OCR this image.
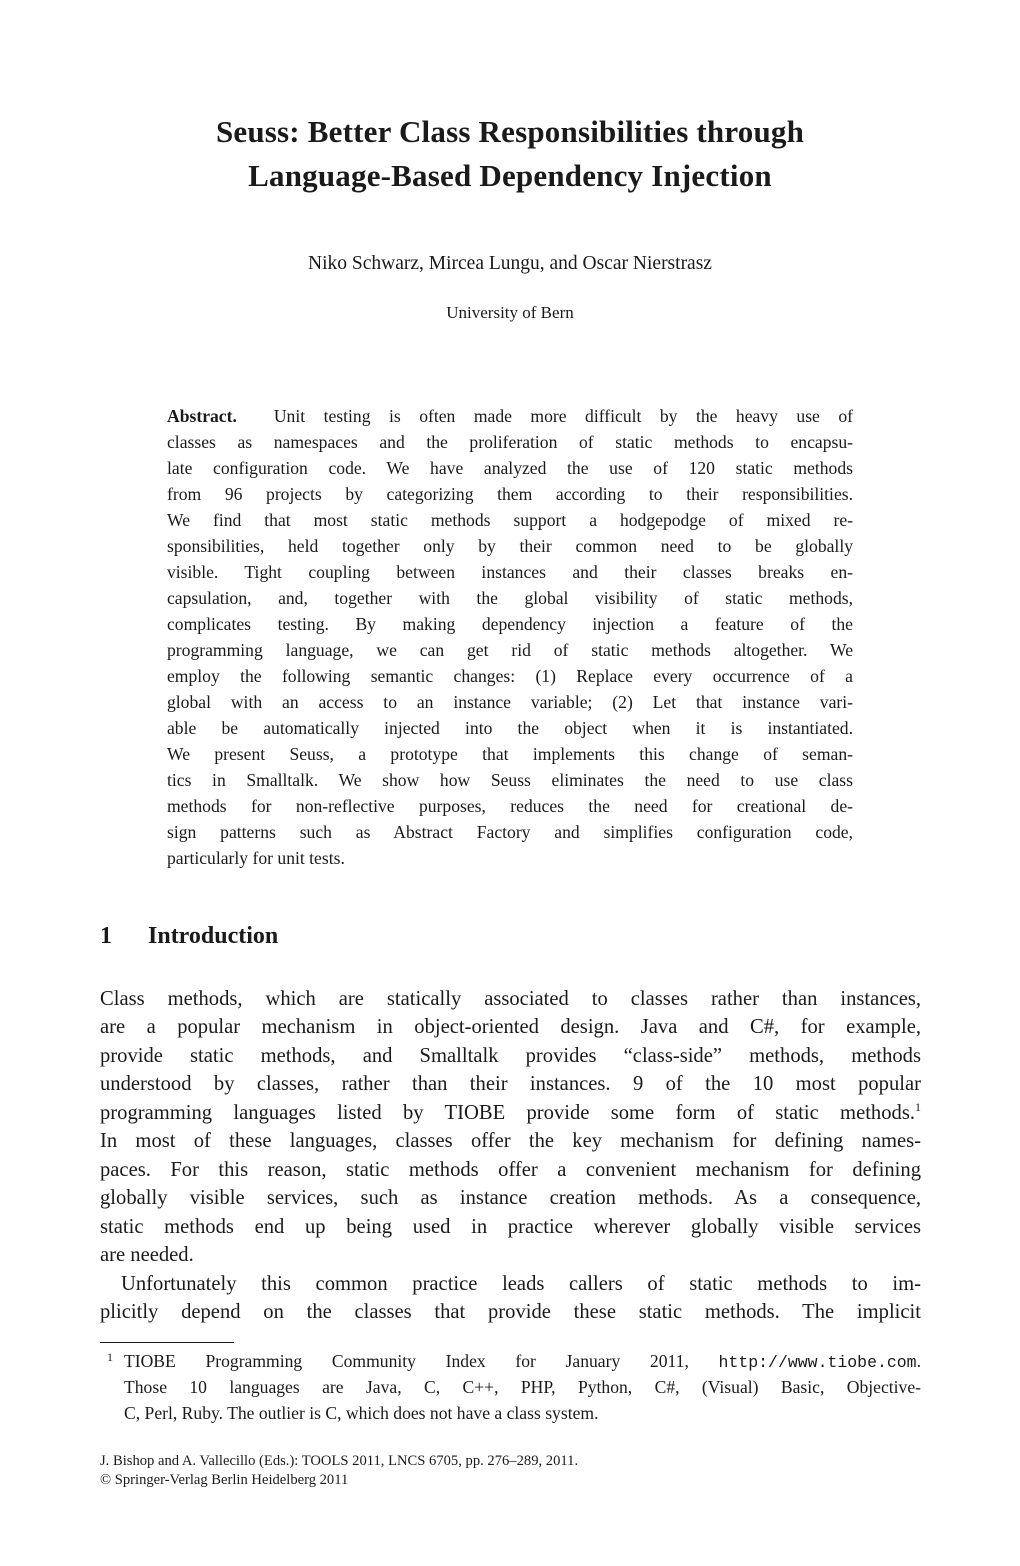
Seuss: Better Class Responsibilities through
Language-Based Dependency Injection
Niko Schwarz, Mircea Lungu, and Oscar Nierstrasz
University of Bern
Abstract. Unit testing is often made more difficult by the heavy use of
classes as namespaces and the proliferation of static methods to encapsu-
late configuration code. We have analyzed the use of 120 static methods
from 96 projects by categorizing them according to their responsibilities.
We find that most static methods support a hodgepodge of mixed re-
sponsibilities, held together only by their common need to be globally
visible. Tight coupling between instances and their classes breaks en-
capsulation, and, together with the global visibility of static methods,
complicates testing. By making dependency injection a feature of the
programming language, we can get rid of static methods altogether. We
employ the following semantic changes: (1) Replace every occurrence of a
global with an access to an instance variable; (2) Let that instance vari-
able be automatically injected into the object when it is instantiated.
We present Seuss, a prototype that implements this change of seman-
tics in Smalltalk. We show how Seuss eliminates the need to use class
methods for non-reflective purposes, reduces the need for creational de-
sign patterns such as Abstract Factory and simplifies configuration code,
particularly for unit tests.
1 Introduction
Class methods, which are statically associated to classes rather than instances,
are a popular mechanism in object-oriented design. Java and C#, for example,
provide static methods, and Smalltalk provides “class-side” methods, methods
understood by classes, rather than their instances. 9 of the 10 most popular
programming languages listed by TIOBE provide some form of static methods.$^1$
In most of these languages, classes offer the key mechanism for defining names-
paces. For this reason, static methods offer a convenient mechanism for defining
globally visible services, such as instance creation methods. As a consequence,
static methods end up being used in practice wherever globally visible services
are needed.
Unfortunately this common practice leads callers of static methods to im-
plicitly depend on the classes that provide these static methods. The implicit
1 TIOBE Programming Community Index for January 2011, http://www.tiobe.com.
Those 10 languages are Java, C, C++, PHP, Python, C#, (Visual) Basic, Objective-
C, Perl, Ruby. The outlier is C, which does not have a class system.
J. Bishop and A. Vallecillo (Eds.): TOOLS 2011, LNCS 6705, pp. 276–289, 2011.
© Springer-Verlag Berlin Heidelberg 2011
